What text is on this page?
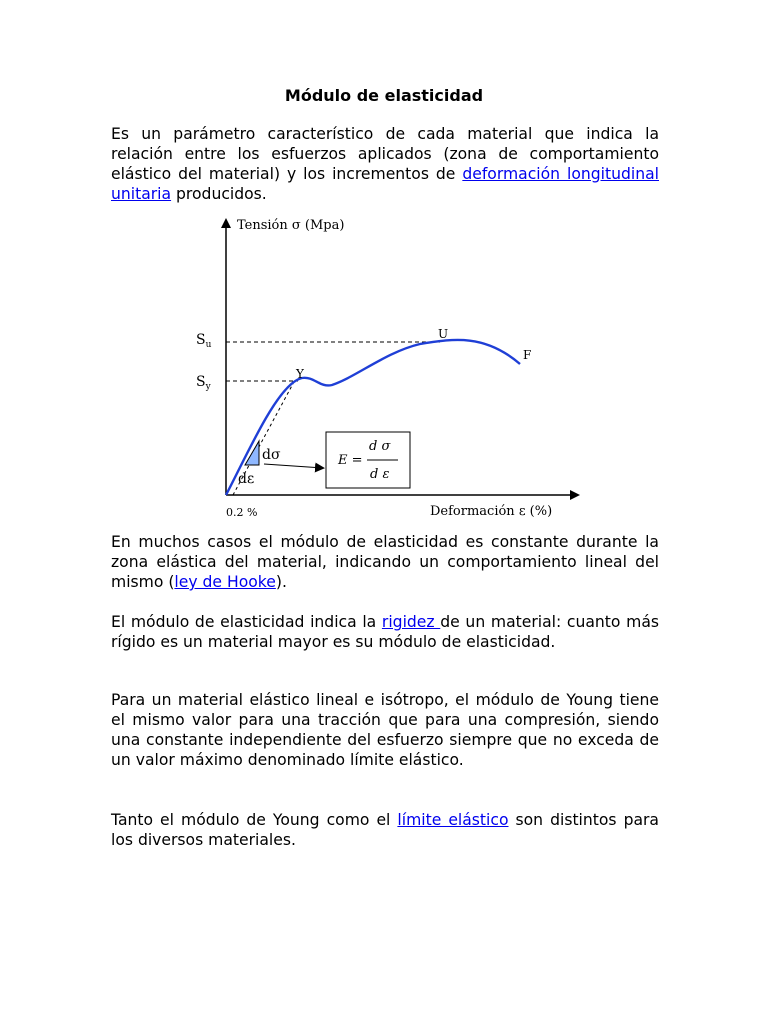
Módulo de elasticidad
Es un parámetro característico de cada material que indica la relación entre los esfuerzos aplicados (zona de comportamiento elástico del material) y los incrementos de deformación longitudinal unitaria producidos.
Tensión σ (Mpa)
Deformación ε (%)
0.2 %
$S_u$
$S_y$
U
Y
F
dσ
dε
E =
d σ
d ε
En muchos casos el módulo de elasticidad es constante durante la zona elástica del material, indicando un comportamiento lineal del mismo (ley de Hooke).
El módulo de elasticidad indica la rigidez de un material: cuanto más rígido es un material mayor es su módulo de elasticidad.
Para un material elástico lineal e isótropo, el módulo de Young tiene el mismo valor para una tracción que para una compresión, siendo una constante independiente del esfuerzo siempre que no exceda de un valor máximo denominado límite elástico.
Tanto el módulo de Young como el límite elástico son distintos para los diversos materiales.
